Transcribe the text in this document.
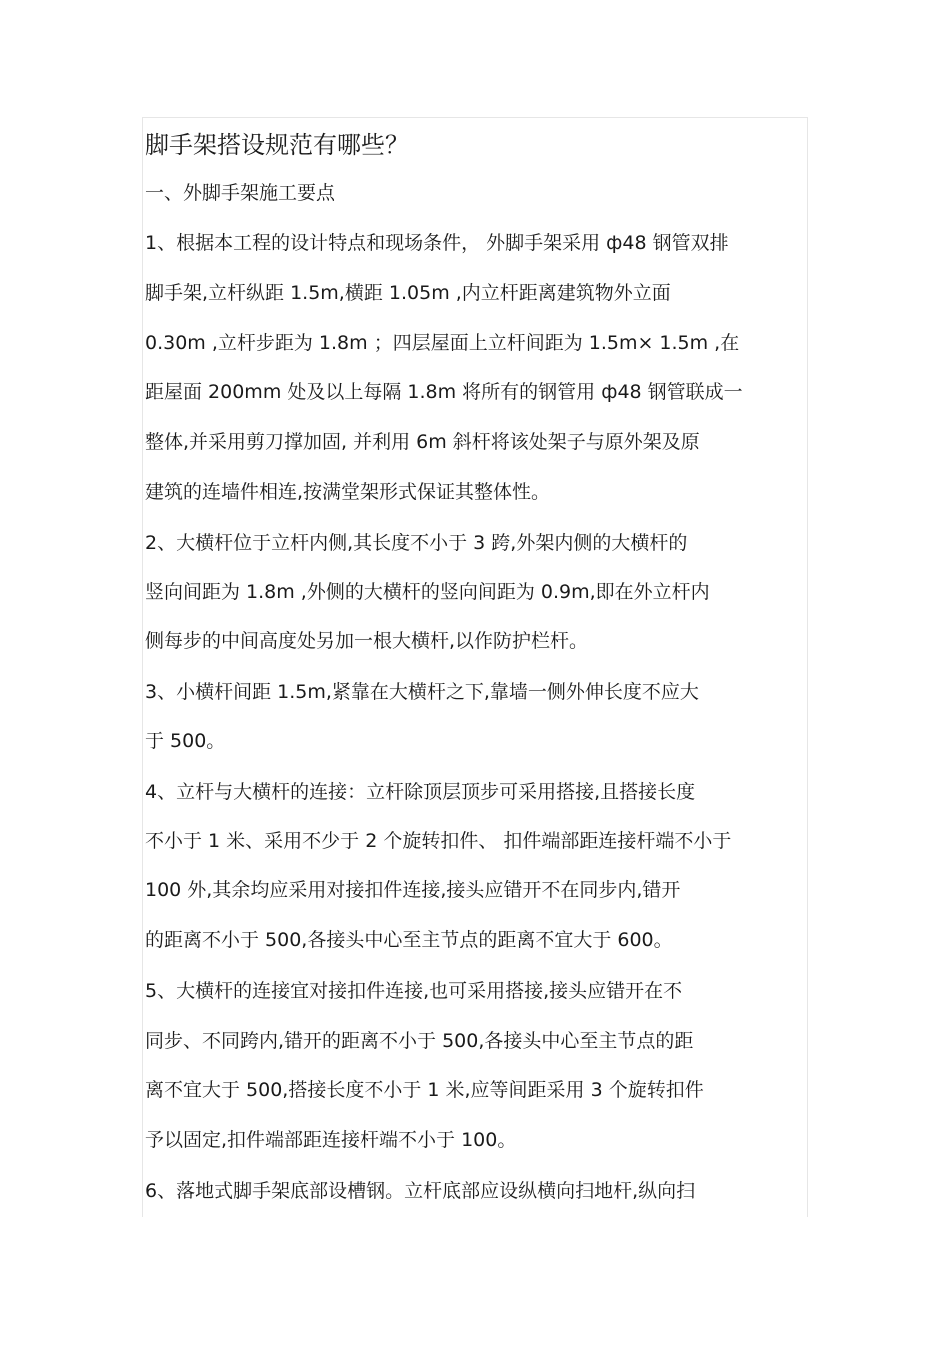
脚手架搭设规范有哪些？
一、外脚手架施工要点
1、根据本工程的设计特点和现场条件， 外脚手架采用 ф48 钢管双排
脚手架,立杆纵距 1.5m,横距 1.05m ,内立杆距离建筑物外立面
0.30m ,立杆步距为 1.8m ；四层屋面上立杆间距为 1.5m× 1.5m ,在
距屋面 200mm 处及以上每隔 1.8m 将所有的钢管用 ф48 钢管联成一
整体,并采用剪刀撑加固, 并利用 6m 斜杆将该处架子与原外架及原
建筑的连墙件相连,按满堂架形式保证其整体性。
2、大横杆位于立杆内侧,其长度不小于 3 跨,外架内侧的大横杆的
竖向间距为 1.8m ,外侧的大横杆的竖向间距为 0.9m,即在外立杆内
侧每步的中间高度处另加一根大横杆,以作防护栏杆。
3、小横杆间距 1.5m,紧靠在大横杆之下,靠墙一侧外伸长度不应大
于 500。
4、立杆与大横杆的连接：立杆除顶层顶步可采用搭接,且搭接长度
不小于 1 米、采用不少于 2 个旋转扣件、 扣件端部距连接杆端不小于
100 外,其余均应采用对接扣件连接,接头应错开不在同步内,错开
的距离不小于 500,各接头中心至主节点的距离不宜大于 600。
5、大横杆的连接宜对接扣件连接,也可采用搭接,接头应错开在不
同步、不同跨内,错开的距离不小于 500,各接头中心至主节点的距
离不宜大于 500,搭接长度不小于 1 米,应等间距采用 3 个旋转扣件
予以固定,扣件端部距连接杆端不小于 100。
6、落地式脚手架底部设槽钢。立杆底部应设纵横向扫地杆,纵向扫
